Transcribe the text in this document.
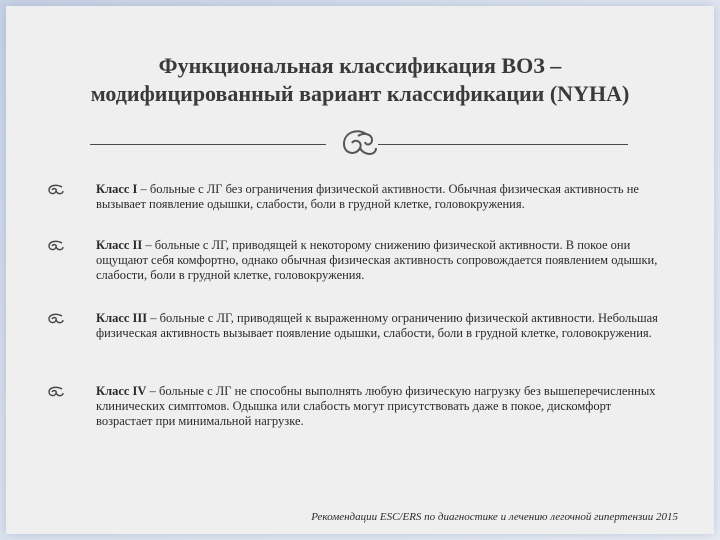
Функциональная классификация ВОЗ –
модифицированный вариант классификации (NYHA)
Класс I – больные с ЛГ без ограничения физической активности. Обычная физическая активность не вызывает появление одышки, слабости, боли в грудной клетке, головокружения.
Класс II – больные с ЛГ, приводящей к некоторому снижению физической активности. В покое они ощущают себя комфортно, однако обычная физическая активность сопровождается появлением одышки, слабости, боли в грудной клетке, головокружения.
Класс III – больные с ЛГ, приводящей к выраженному ограничению физической активности. Небольшая физическая активность вызывает появление одышки, слабости, боли в грудной клетке, головокружения.
Класс IV – больные с ЛГ не способны выполнять любую физическую нагрузку без вышеперечисленных клинических симптомов. Одышка или слабость могут присутствовать даже в покое, дискомфорт возрастает при минимальной нагрузке.
Рекомендации ESC/ERS по диагностике и лечению легочной гипертензии 2015
